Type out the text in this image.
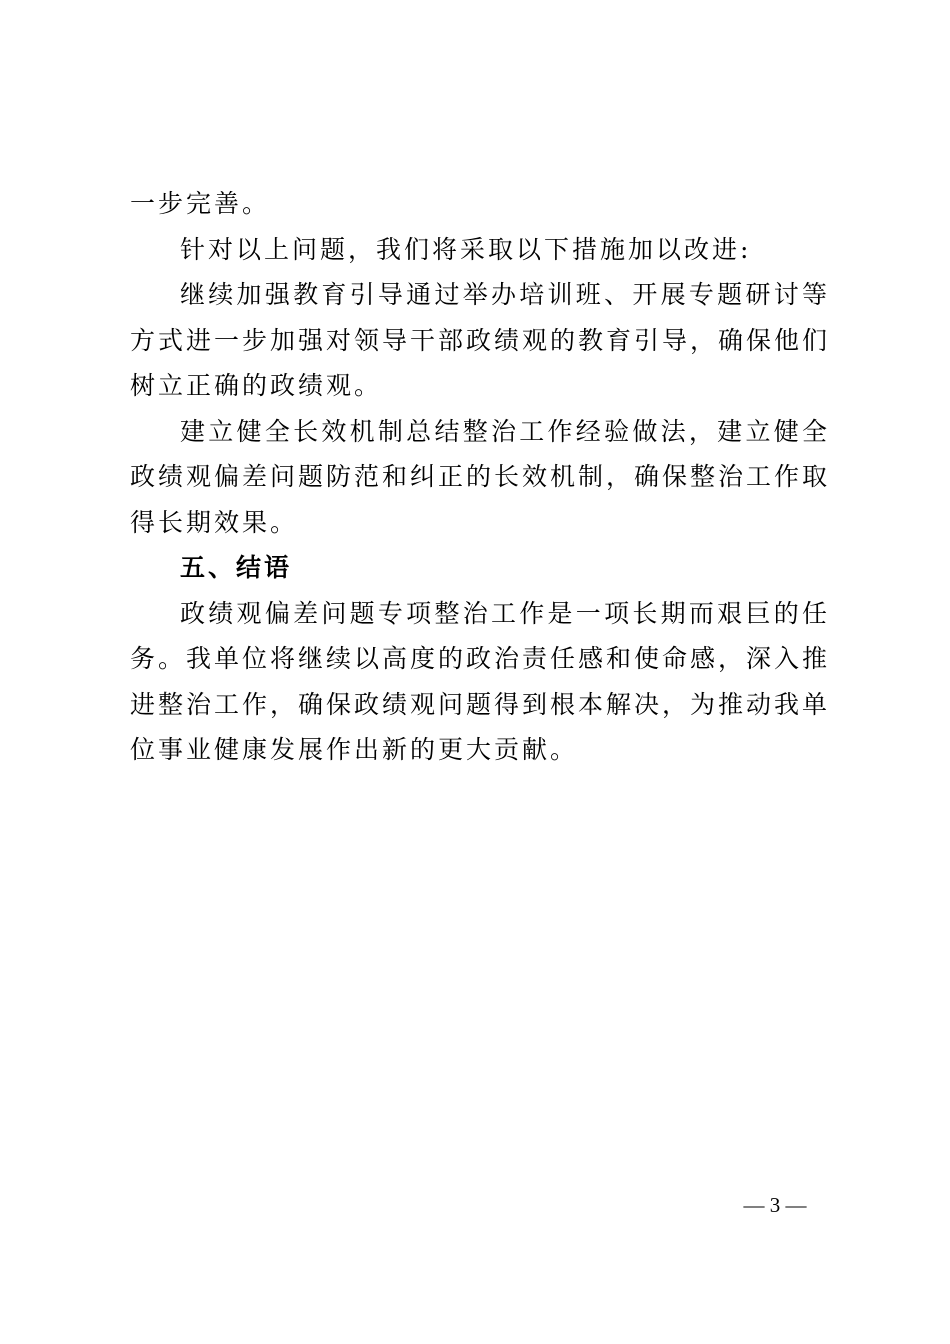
一步完善。

针对以上问题，我们将采取以下措施加以改进:

继续加强教育引导通过举办培训班、开展专题研讨等方式进一步加强对领导干部政绩观的教育引导，确保他们树立正确的政绩观。

建立健全长效机制总结整治工作经验做法，建立健全政绩观偏差问题防范和纠正的长效机制，确保整治工作取得长期效果。

五、结语

政绩观偏差问题专项整治工作是一项长期而艰巨的任务。我单位将继续以高度的政治责任感和使命感，深入推进整治工作，确保政绩观问题得到根本解决，为推动我单位事业健康发展作出新的更大贡献。

— 3 —
